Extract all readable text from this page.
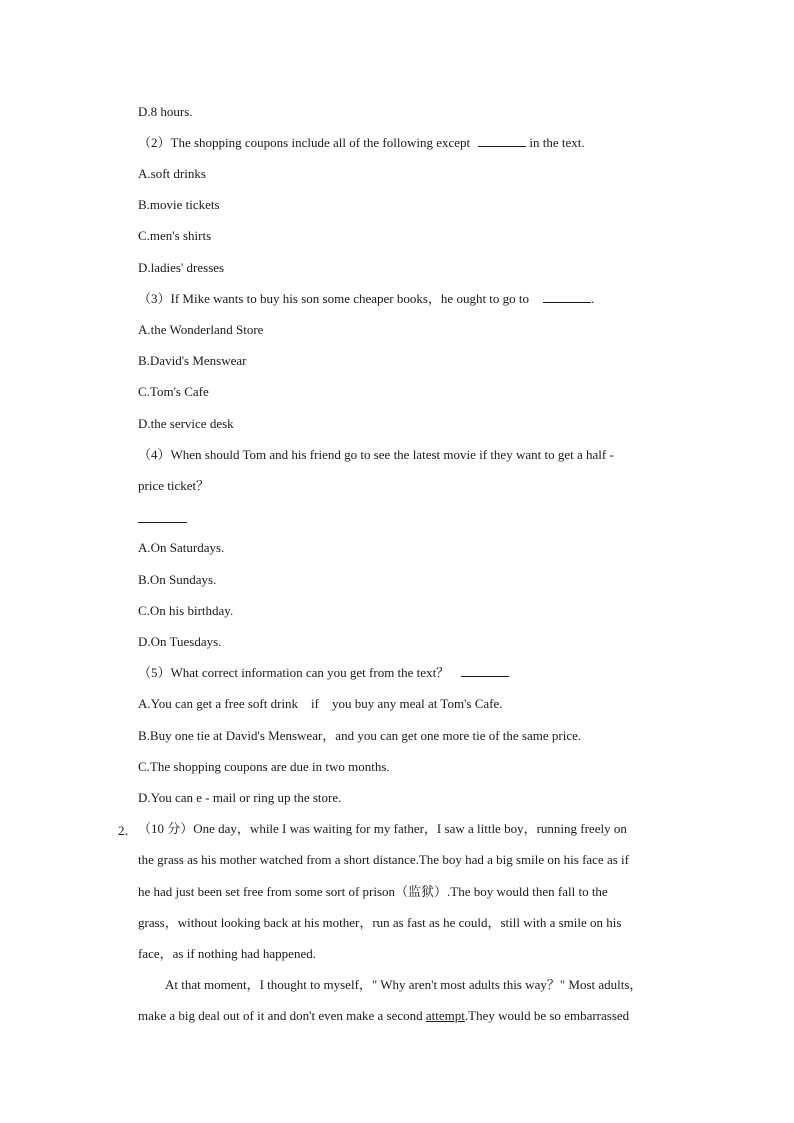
D.8 hours.
（2）The shopping coupons include all of the following except	in the text.
A.soft drinks
B.movie tickets
C.men's shirts
D.ladies' dresses
（3）If Mike wants to buy his son some cheaper books，he ought to go to	.
A.the Wonderland Store
B.David's Menswear
C.Tom's Cafe
D.the service desk
（4）When should Tom and his friend go to see the latest movie if they want to get a half -
price ticket？
A.On Saturdays.
B.On Sundays.
C.On his birthday.
D.On Tuesdays.
（5）What correct information can you get from the text？
A.You can get a free soft drink    if    you buy any meal at Tom's Cafe.
B.Buy one tie at David's Menswear，and you can get one more tie of the same price.
C.The shopping coupons are due in two months.
D.You can e - mail or ring up the store.
2． （10 分）One day，while I was waiting for my father，I saw a little boy，running freely on
the grass as his mother watched from a short distance.The boy had a big smile on his face as if
he had just been set free from some sort of prison（监狱）.The boy would then fall to the
grass，without looking back at his mother，run as fast as he could，still with a smile on his
face，as if nothing had happened.
At that moment，I thought to myself，" Why aren't most adults this way？" Most adults，
make a big deal out of it and don't even make a second attempt.They would be so embarrassed
